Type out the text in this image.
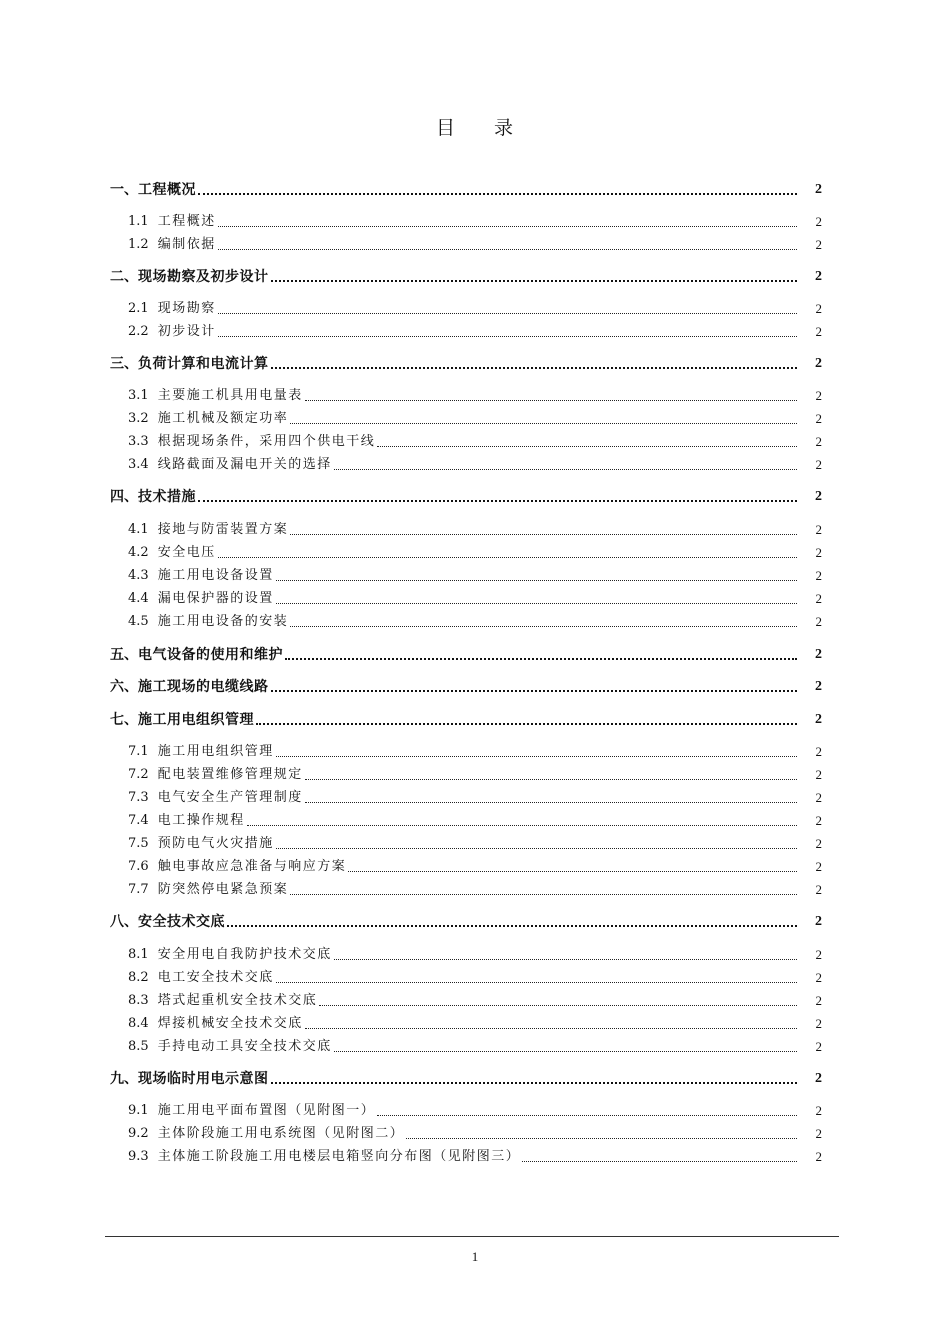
目 录
一、 工程概况	2
1.1 工程概述	2
1.2 编制依据	2
二、 现场勘察及初步设计	2
2.1 现场勘察	2
2.2 初步设计	2
三、 负荷计算和电流计算	2
3.1 主要施工机具用电量表	2
3.2 施工机械及额定功率	2
3.3 根据现场条件，采用四个供电干线	2
3.4 线路截面及漏电开关的选择	2
四、 技术措施	2
4.1 接地与防雷装置方案	2
4.2 安全电压	2
4.3 施工用电设备设置	2
4.4 漏电保护器的设置	2
4.5 施工用电设备的安装	2
五、 电气设备的使用和维护	2
六、 施工现场的电缆线路	2
七、 施工用电组织管理	2
7.1 施工用电组织管理	2
7.2 配电装置维修管理规定	2
7.3 电气安全生产管理制度	2
7.4 电工操作规程	2
7.5 预防电气火灾措施	2
7.6 触电事故应急准备与响应方案	2
7.7 防突然停电紧急预案	2
八、 安全技术交底	2
8.1 安全用电自我防护技术交底	2
8.2 电工安全技术交底	2
8.3 塔式起重机安全技术交底	2
8.4 焊接机械安全技术交底	2
8.5 手持电动工具安全技术交底	2
九、 现场临时用电示意图	2
9.1 施工用电平面布置图（见附图一）	2
9.2 主体阶段施工用电系统图（见附图二）	2
9.3 主体施工阶段施工用电楼层电箱竖向分布图（见附图三）	2
1
